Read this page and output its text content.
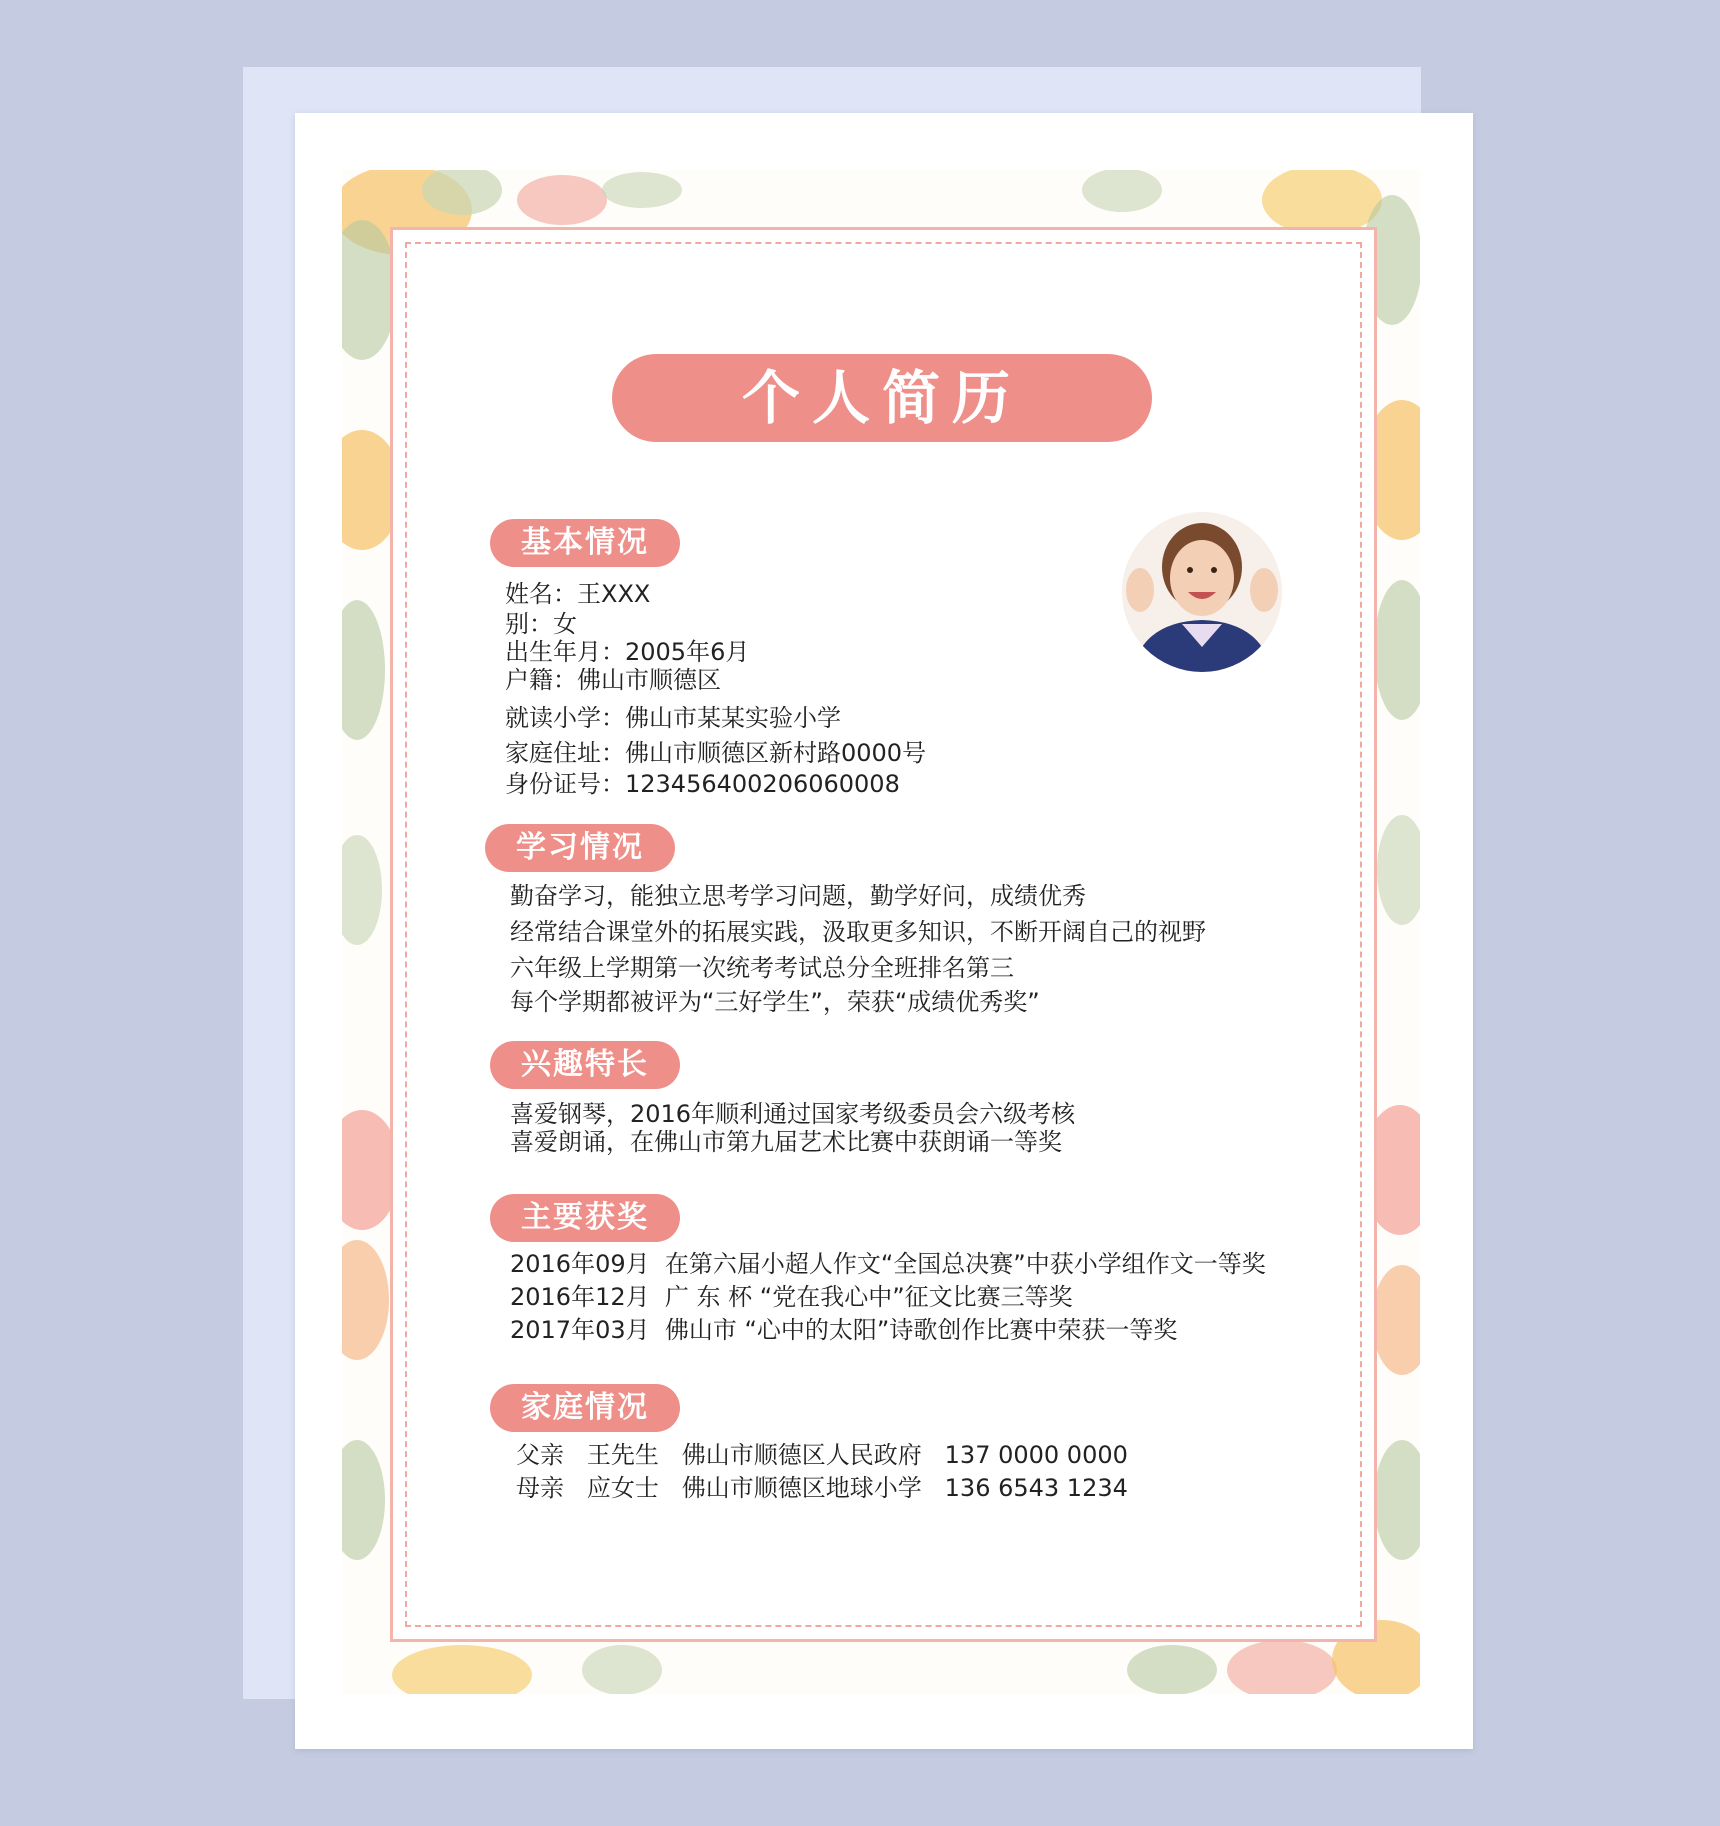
个人简历
基本情况
姓名：王XXX
别：女
出生年月：2005年6月
户籍：佛山市顺德区
就读小学：佛山市某某实验小学
家庭住址：佛山市顺德区新村路0000号
身份证号：123456400206060008
学习情况
勤奋学习，能独立思考学习问题，勤学好问，成绩优秀
经常结合课堂外的拓展实践，汲取更多知识，不断开阔自己的视野
六年级上学期第一次统考考试总分全班排名第三
每个学期都被评为“三好学生”，荣获“成绩优秀奖”
兴趣特长
喜爱钢琴，2016年顺利通过国家考级委员会六级考核
喜爱朗诵，在佛山市第九届艺术比赛中获朗诵一等奖
主要获奖
2016年09月  在第六届小超人作文“全国总决赛”中获小学组作文一等奖
2016年12月  广 东 杯 “党在我心中”征文比赛三等奖
2017年03月  佛山市 “心中的太阳”诗歌创作比赛中荣获一等奖
家庭情况
父亲   王先生   佛山市顺德区人民政府   137 0000 0000
母亲   应女士   佛山市顺德区地球小学   136 6543 1234
